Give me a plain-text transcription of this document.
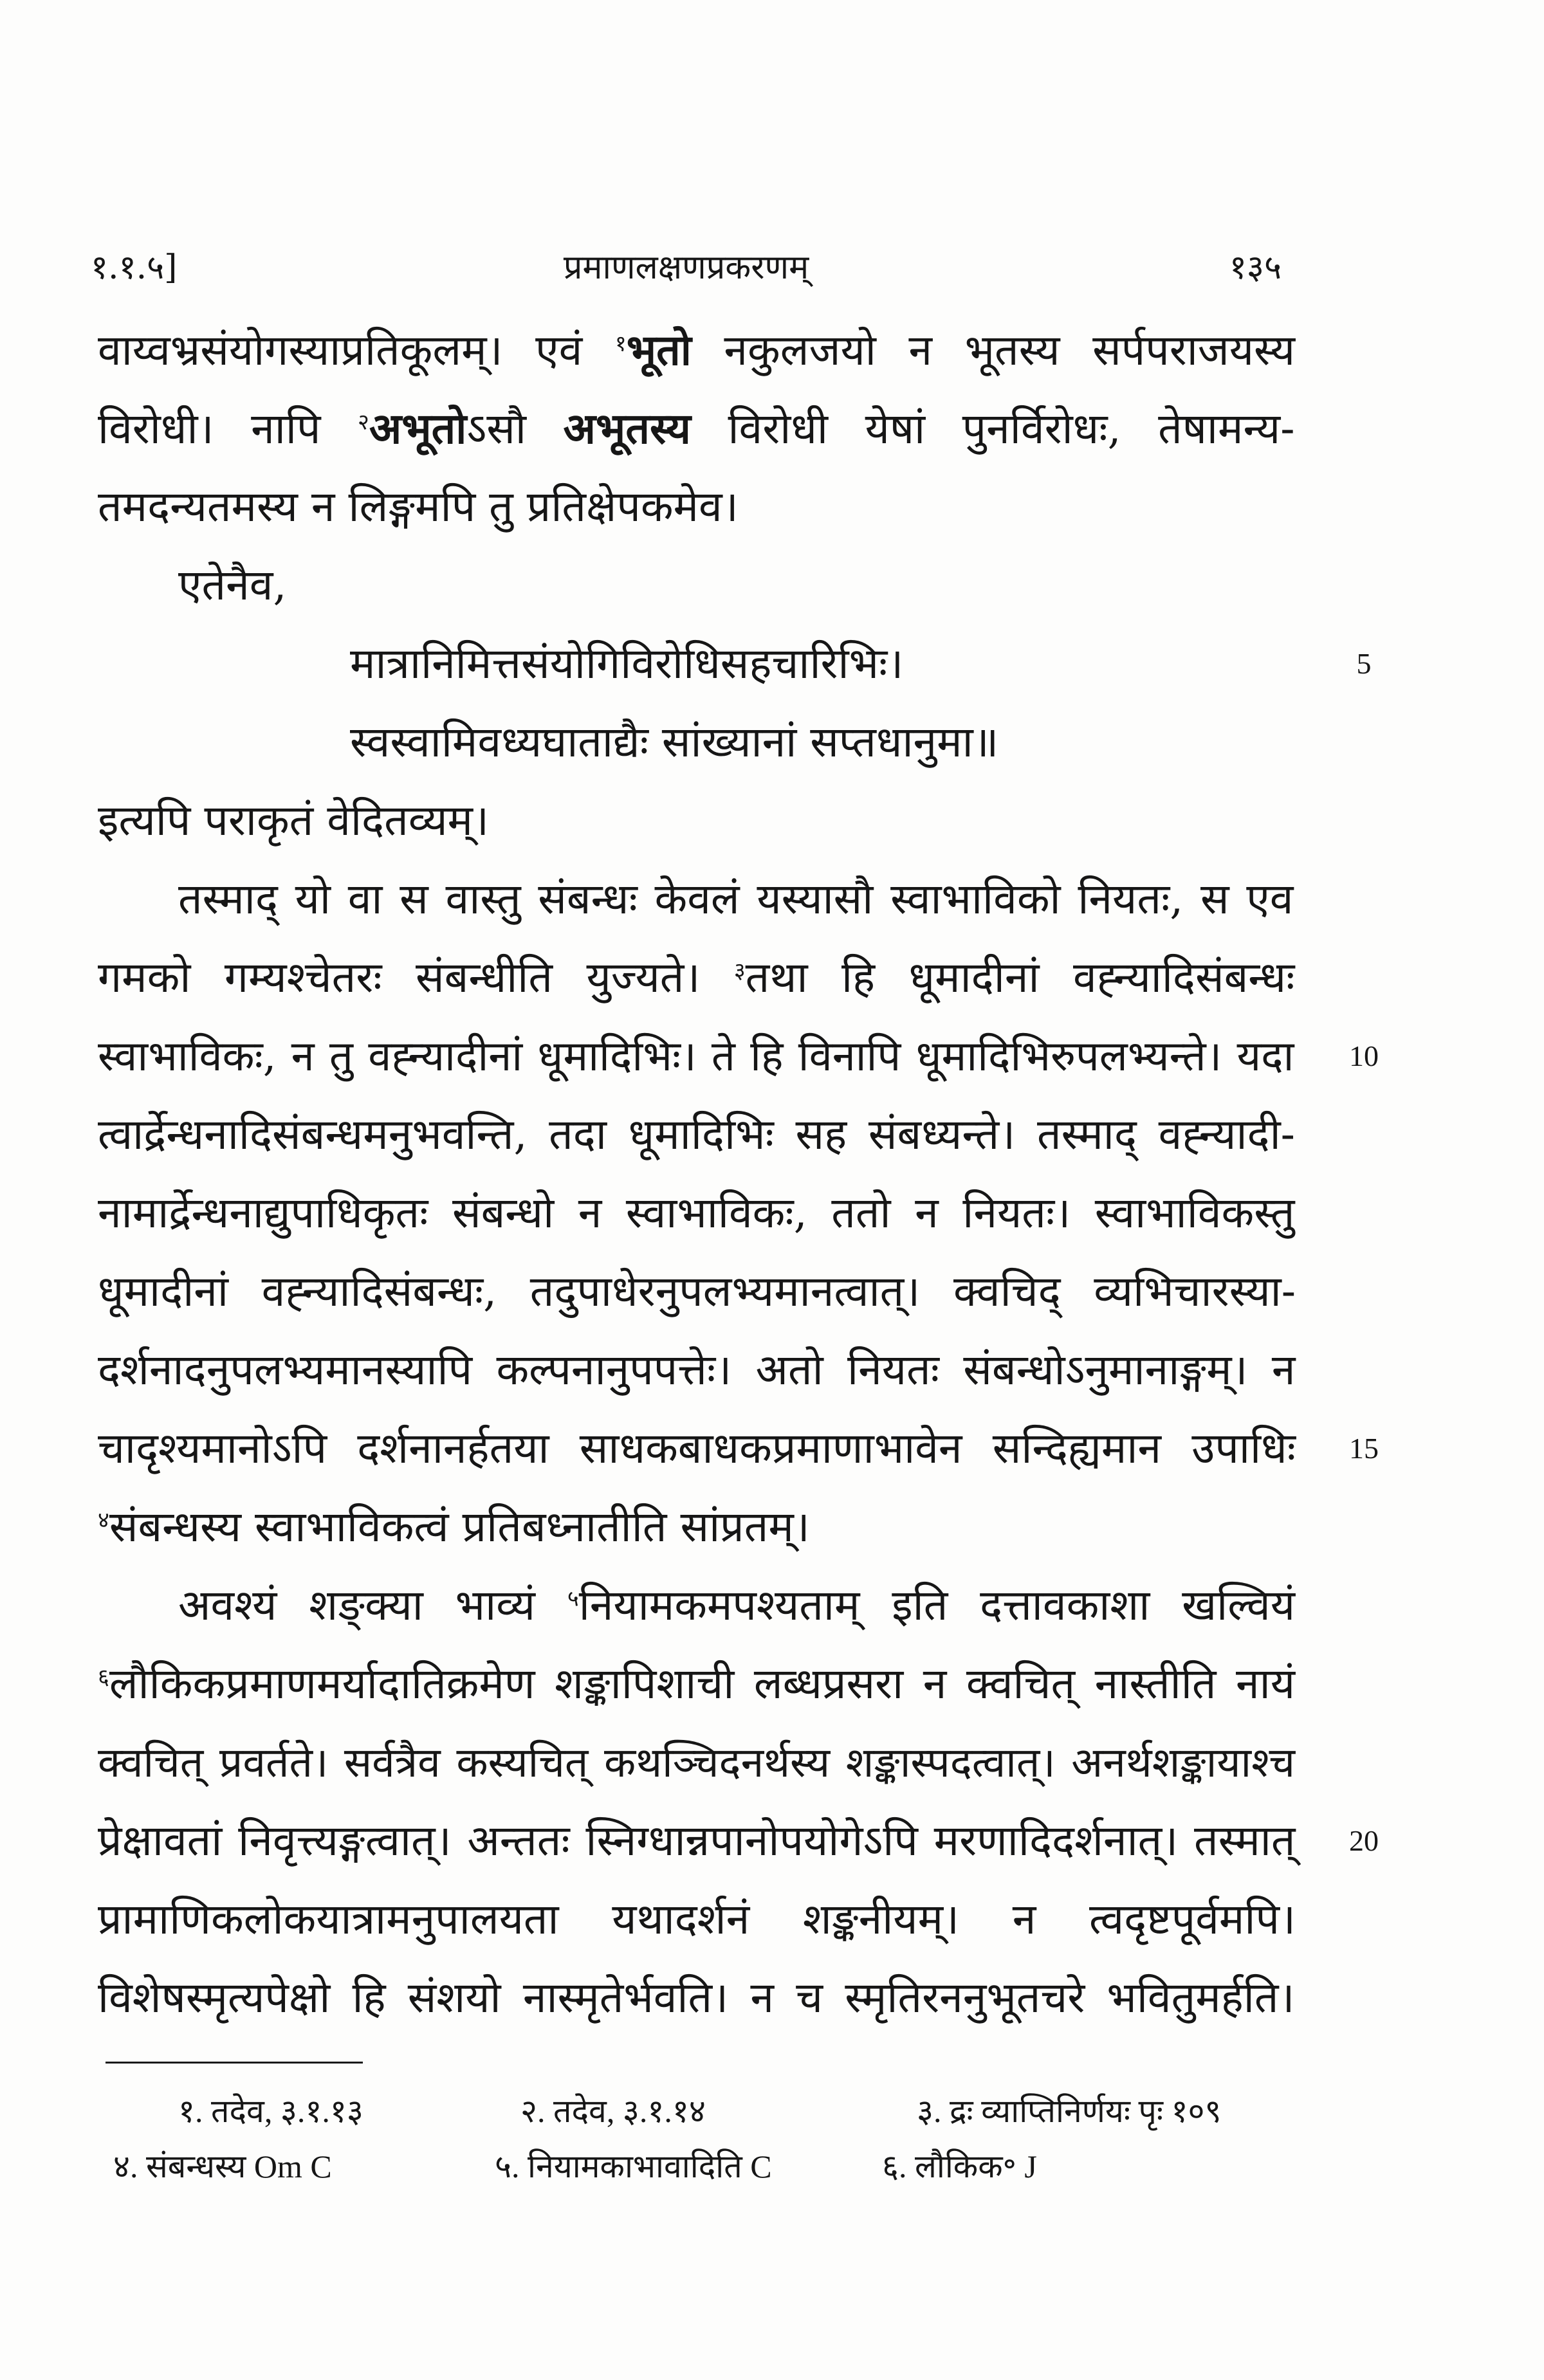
१.१.५]	प्रमाणलक्षणप्रकरणम्	१३५
वाय्वभ्रसंयोगस्याप्रतिकूलम्। एवं $^१$भूतो नकुलजयो न भूतस्य सर्पपराजयस्य
विरोधी। नापि $^२$अभूतोऽसौ अभूतस्य विरोधी येषां पुनर्विरोधः, तेषामन्य-
तमदन्यतमस्य न लिङ्गमपि तु प्रतिक्षेपकमेव।
एतेनैव,
मात्रानिमित्तसंयोगिविरोधिसहचारिभिः।
स्वस्वामिवध्यघाताद्यैः सांख्यानां सप्तधानुमा॥
इत्यपि पराकृतं वेदितव्यम्।
तस्माद् यो वा स वास्तु संबन्धः केवलं यस्यासौ स्वाभाविको नियतः, स एव
गमको गम्यश्चेतरः संबन्धीति युज्यते। $^३$तथा हि धूमादीनां वह्न्यादिसंबन्धः
स्वाभाविकः, न तु वह्न्यादीनां धूमादिभिः। ते हि विनापि धूमादिभिरुपलभ्यन्ते। यदा
त्वार्द्रेन्धनादिसंबन्धमनुभवन्ति, तदा धूमादिभिः सह संबध्यन्ते। तस्माद् वह्न्यादी-
नामार्द्रेन्धनाद्युपाधिकृतः संबन्धो न स्वाभाविकः, ततो न नियतः। स्वाभाविकस्तु
धूमादीनां वह्न्यादिसंबन्धः, तदुपाधेरनुपलभ्यमानत्वात्। क्वचिद् व्यभिचारस्या-
दर्शनादनुपलभ्यमानस्यापि कल्पनानुपपत्तेः। अतो नियतः संबन्धोऽनुमानाङ्गम्। न
चादृश्यमानोऽपि दर्शनानर्हतया साधकबाधकप्रमाणाभावेन सन्दिह्यमान उपाधिः
$^४$संबन्धस्य स्वाभाविकत्वं प्रतिबध्नातीति सांप्रतम्।
अवश्यं शङ्क्या भाव्यं $^५$नियामकमपश्यताम् इति दत्तावकाशा खल्वियं
$^६$लौकिकप्रमाणमर्यादातिक्रमेण शङ्कापिशाची लब्धप्रसरा न क्वचित् नास्तीति नायं
क्वचित् प्रवर्तते। सर्वत्रैव कस्यचित् कथञ्चिदनर्थस्य शङ्कास्पदत्वात्। अनर्थशङ्कायाश्च
प्रेक्षावतां निवृत्त्यङ्गत्वात्। अन्ततः स्निग्धान्नपानोपयोगेऽपि मरणादिदर्शनात्। तस्मात्
प्रामाणिकलोकयात्रामनुपालयता यथादर्शनं शङ्कनीयम्। न त्वदृष्टपूर्वमपि।
विशेषस्मृत्यपेक्षो हि संशयो नास्मृतेर्भवति। न च स्मृतिरननुभूतचरे भवितुमर्हति।
5
10
15
20
१. तदेव, ३.१.१३	२. तदेव, ३.१.१४	३. द्रः व्याप्तिनिर्णयः पृः १०९
४. संबन्धस्य Om C	५. नियामकाभावादिति C	६. लौकिक॰ J
